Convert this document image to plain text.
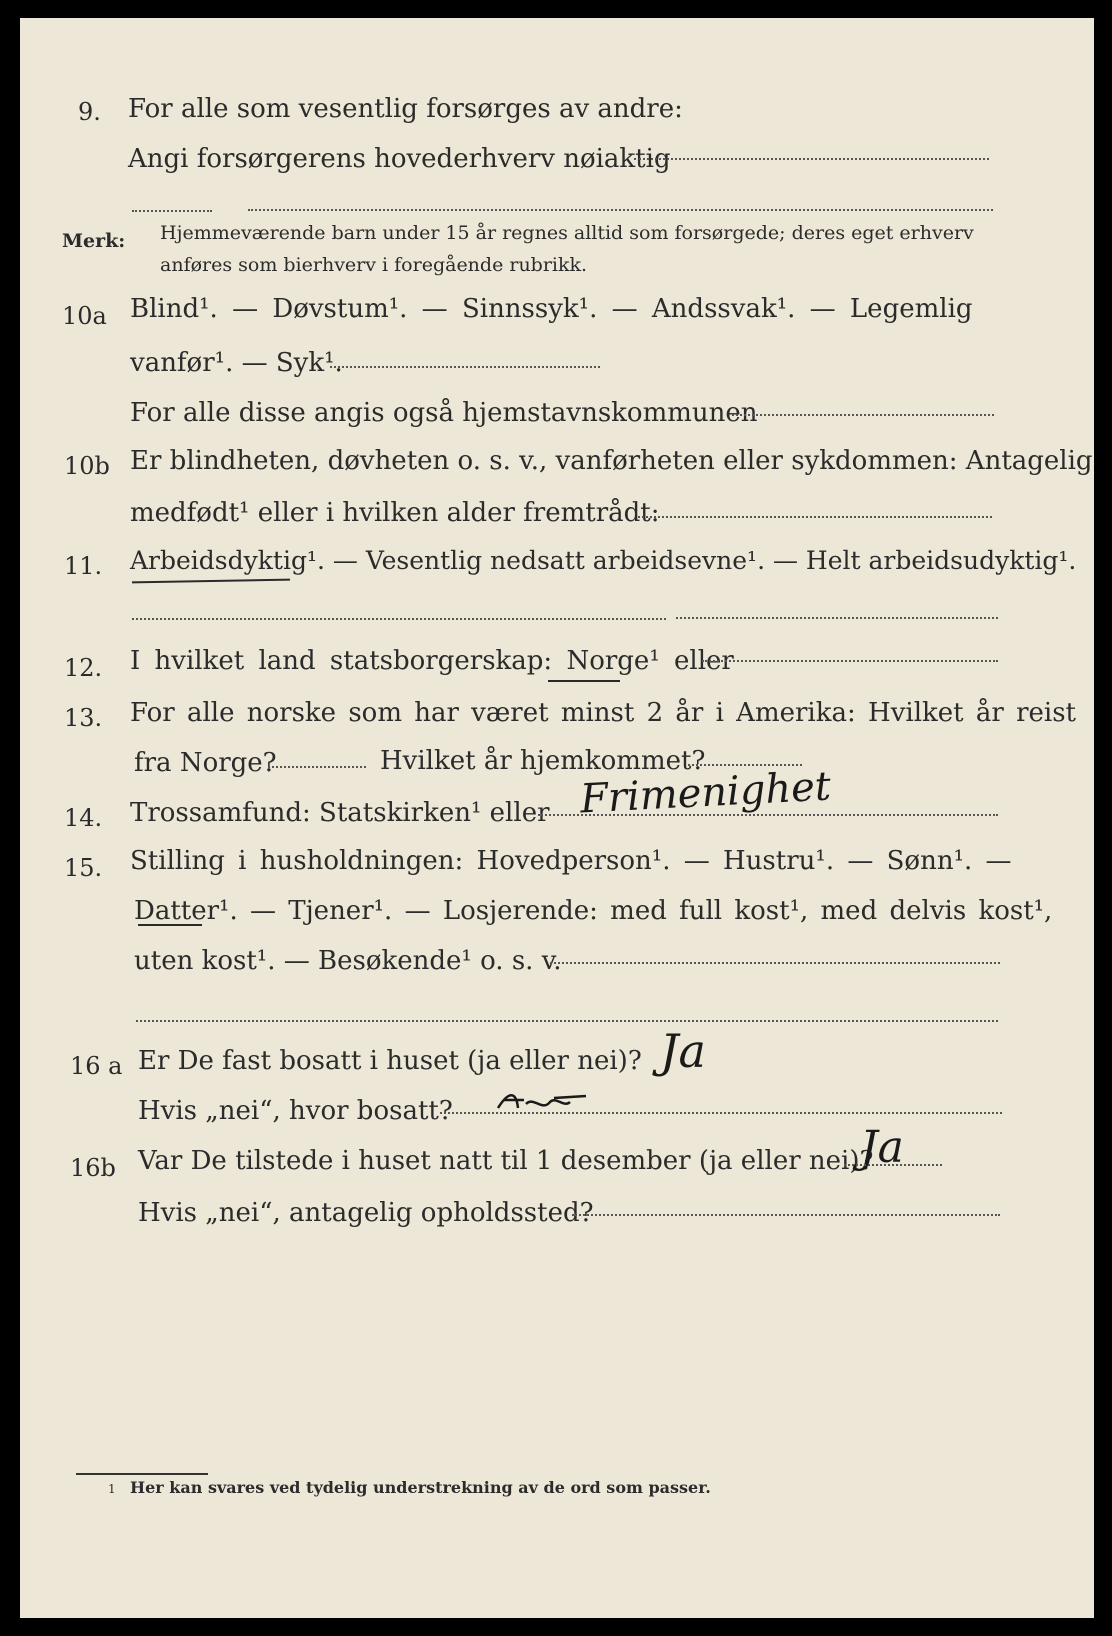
9. For alle som vesentlig forsørges av andre:
Angi forsørgerens hovederhverv nøiaktig
Merk: Hjemmeværende barn under 15 år regnes alltid som forsørgede; deres eget erhverv
anføres som bierhverv i foregående rubrikk.
10a Blind¹. — Døvstum¹. — Sinnssyk¹. — Andssvak¹. — Legemlig
vanfør¹. — Syk¹.
For alle disse angis også hjemstavnskommunen
10b Er blindheten, døvheten o. s. v., vanførheten eller sykdommen: Antagelig
medfødt¹ eller i hvilken alder fremtrådt:
11. Arbeidsdyktig¹. — Vesentlig nedsatt arbeidsevne¹. — Helt arbeidsudyktig¹.
12. I hvilket land statsborgerskap: Norge¹ eller
13. For alle norske som har været minst 2 år i Amerika: Hvilket år reist
fra Norge?	Hvilket år hjemkommet?
14. Trossamfund: Statskirken¹ eller Frimenighet
15. Stilling i husholdningen: Hovedperson¹. — Hustru¹. — Sønn¹. —
Datter¹. — Tjener¹. — Losjerende: med full kost¹, med delvis kost¹,
uten kost¹. — Besøkende¹ o. s. v.
16 a Er De fast bosatt i huset (ja eller nei)? Ja
Hvis „nei“, hvor bosatt?
16b Var De tilstede i huset natt til 1 desember (ja eller nei)?
Ja
Hvis „nei“, antagelig opholdssted?
1 Her kan svares ved tydelig understrekning av de ord som passer.
